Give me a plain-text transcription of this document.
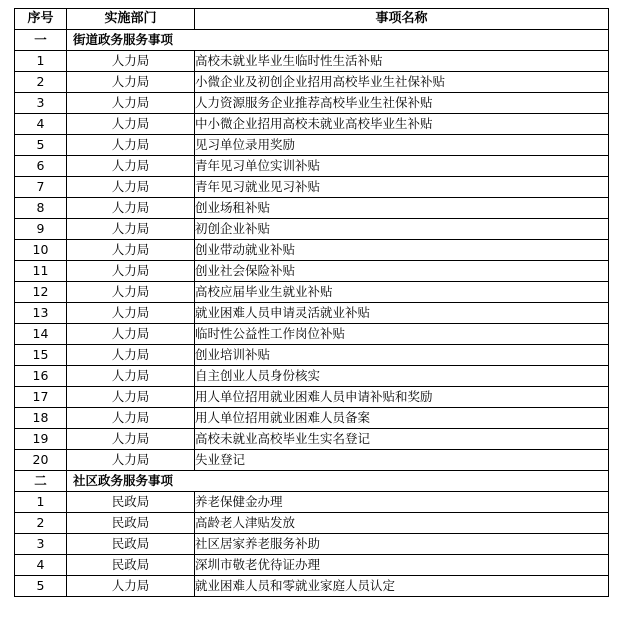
序号	实施部门	事项名称
一	街道政务服务事项	
1	人力局	高校未就业毕业生临时性生活补贴
2	人力局	小微企业及初创企业招用高校毕业生社保补贴
3	人力局	人力资源服务企业推荐高校毕业生社保补贴
4	人力局	中小微企业招用高校未就业高校毕业生补贴
5	人力局	见习单位录用奖励
6	人力局	青年见习单位实训补贴
7	人力局	青年见习就业见习补贴
8	人力局	创业场租补贴
9	人力局	初创企业补贴
10	人力局	创业带动就业补贴
11	人力局	创业社会保险补贴
12	人力局	高校应届毕业生就业补贴
13	人力局	就业困难人员申请灵活就业补贴
14	人力局	临时性公益性工作岗位补贴
15	人力局	创业培训补贴
16	人力局	自主创业人员身份核实
17	人力局	用人单位招用就业困难人员申请补贴和奖励
18	人力局	用人单位招用就业困难人员备案
19	人力局	高校未就业高校毕业生实名登记
20	人力局	失业登记
二	社区政务服务事项	
1	民政局	养老保健金办理
2	民政局	高龄老人津贴发放
3	民政局	社区居家养老服务补助
4	民政局	深圳市敬老优待证办理
5	人力局	就业困难人员和零就业家庭人员认定
